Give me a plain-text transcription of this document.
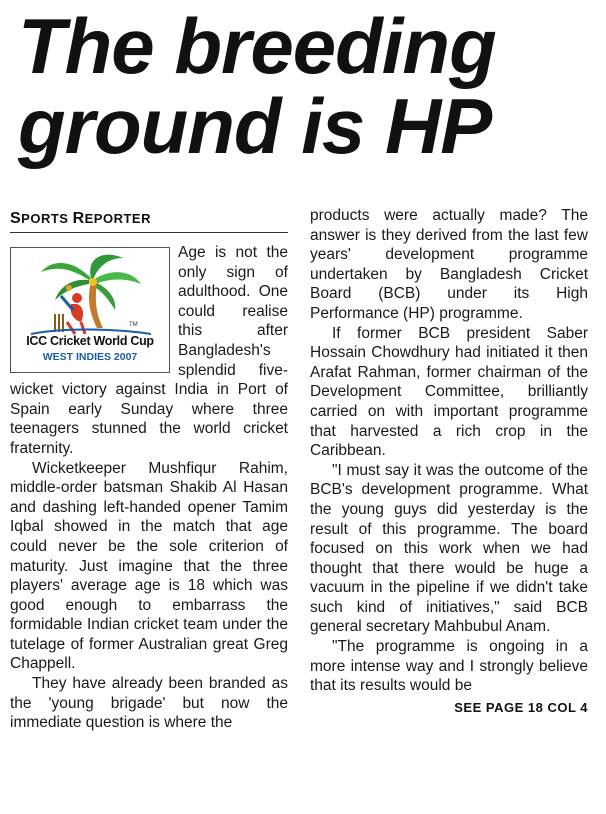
The breeding ground is HP
SPORTS REPORTER
TM
ICC Cricket World Cup
WEST INDIES 2007

Age is not the only sign of adulthood. One could realise this after Bangladesh's splendid five-wicket victory against India in Port of Spain early Sunday where three teenagers stunned the world cricket fraternity.

Wicketkeeper Mushfiqur Rahim, middle-order batsman Shakib Al Hasan and dashing left-handed opener Tamim Iqbal showed in the match that age could never be the sole criterion of maturity. Just imagine that the three players' average age is 18 which was good enough to embarrass the formidable Indian cricket team under the tutelage of former Australian great Greg Chappell.

They have already been branded as the 'young brigade' but now the immediate question is where the

products were actually made? The answer is they derived from the last few years' development programme undertaken by Bangladesh Cricket Board (BCB) under its High Performance (HP) programme.

If former BCB president Saber Hossain Chowdhury had initiated it then Arafat Rahman, former chairman of the Development Committee, brilliantly carried on with important programme that harvested a rich crop in the Caribbean.

"I must say it was the outcome of the BCB's development programme. What the young guys did yesterday is the result of this programme. The board focused on this work when we had thought that there would be huge a vacuum in the pipeline if we didn't take such kind of initiatives," said BCB general secretary Mahbubul Anam.

"The programme is ongoing in a more intense way and I strongly believe that its results would be

SEE PAGE 18 COL 4
